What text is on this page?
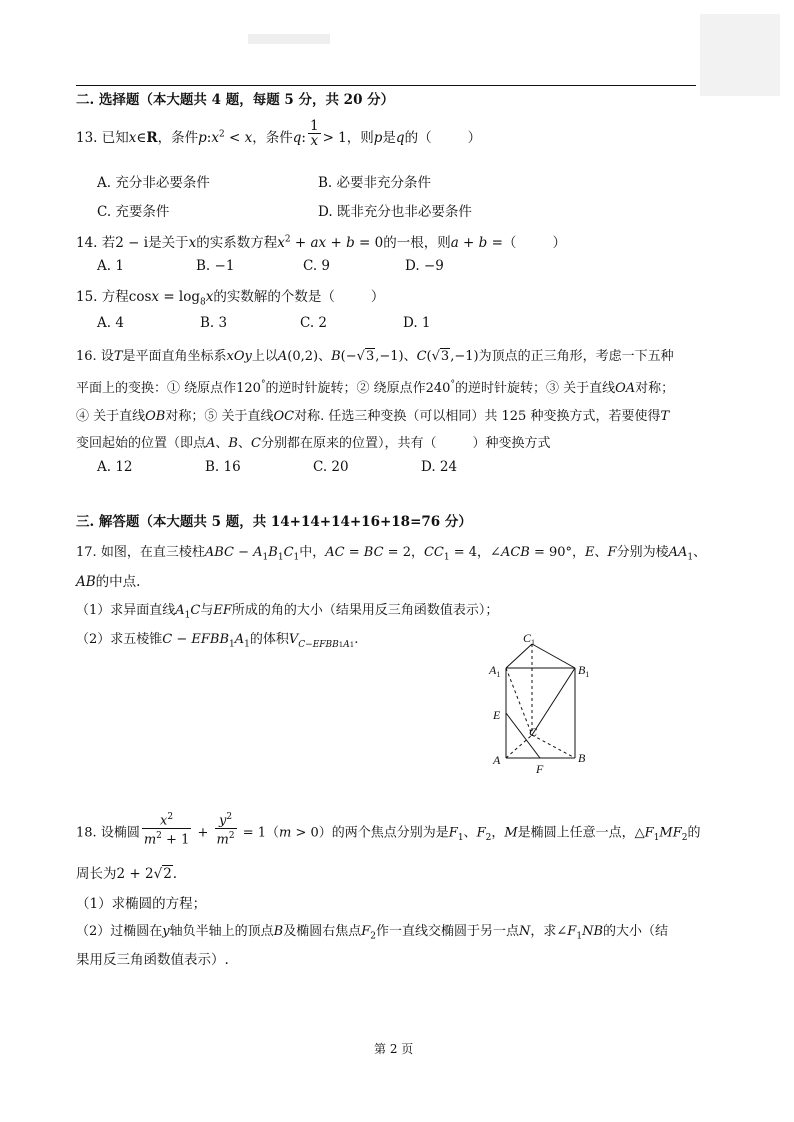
二. 选择题（本大题共 4 题，每题 5 分，共 20 分）
13. 已知x∈R，条件$p:x^2 < x$，条件q: $\frac{1}{x} > 1$，则p是q的（	）
A. 充分非必要条件	B. 必要非充分条件
C. 充要条件	D. 既非充分也非必要条件
14. 若2 − i是关于x的实系数方程$x^2$ + ax + b = 0的一根，则a + b =（	）
A. 1	B. −1	C. 9	D. −9
15. 方程$\cos x = \log_8x$的实数解的个数是（	）
A. 4	B. 3	C. 2	D. 1
16. 设T是平面直角坐标系xOy上以A(0,2)、B(−√3,−1)、C(√3,−1)为顶点的正三角形，考虑一下五种
平面上的变换：① 绕原点作120°的逆时针旋转；② 绕原点作240°的逆时针旋转；③ 关于直线OA对称；
④ 关于直线OB对称；⑤ 关于直线OC对称. 任选三种变换（可以相同）共 125 种变换方式，若要使得T
变回起始的位置（即点A、B、C分别都在原来的位置），共有（	）种变换方式
A. 12	B. 16	C. 20	D. 24
三. 解答题（本大题共 5 题，共 14+14+14+16+18=76 分）
17. 如图，在直三棱柱ABC − $A_1B_1C_1$中，AC = BC = 2，$CC_1 = 4$，∠ACB = 90°，E、F分别为棱$AA_1$、
AB的中点.
（1）求异面直线$A_1C$与EF所成的角的大小（结果用反三角函数值表示）；
（2）求五棱锥$C - EFBB_1A_1$的体积$V_{C-EFBB1A1}$.	$C_1$
$A_1$	$B_1$
E
C
A	B
F
18. 设椭圆 $\frac{x^2}{m^2 + 1} + \frac{y^2}{m^2} = 1(m > 0)$的两个焦点分别为是$F_1$、$F_2$，M是椭圆上任意一点，$\triangle F_1MF_2$的
周长为2 + 2√2.
（1）求椭圆的方程；
（2）过椭圆在y轴负半轴上的顶点B及椭圆右焦点$F_2$作一直线交椭圆于另一点N，求$\angle F_1NB$的大小（结
果用反三角函数值表示）.
第 2 页
